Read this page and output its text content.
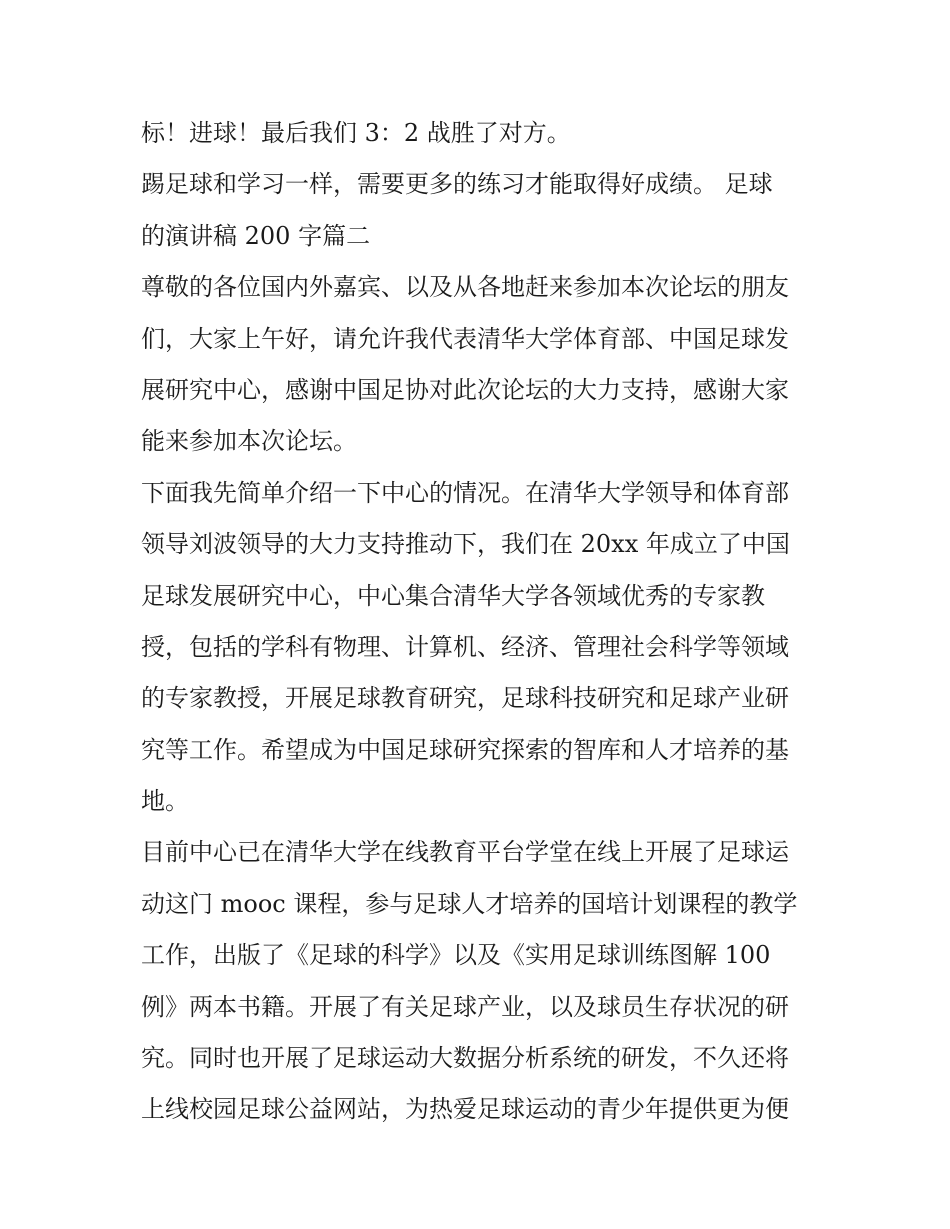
标！进球！最后我们 3：2 战胜了对方。
踢足球和学习一样，需要更多的练习才能取得好成绩。 足球
的演讲稿 200 字篇二
尊敬的各位国内外嘉宾、以及从各地赶来参加本次论坛的朋友
们，大家上午好，请允许我代表清华大学体育部、中国足球发
展研究中心，感谢中国足协对此次论坛的大力支持，感谢大家
能来参加本次论坛。
下面我先简单介绍一下中心的情况。在清华大学领导和体育部
领导刘波领导的大力支持推动下，我们在 20xx 年成立了中国
足球发展研究中心，中心集合清华大学各领域优秀的专家教
授，包括的学科有物理、计算机、经济、管理社会科学等领域
的专家教授，开展足球教育研究，足球科技研究和足球产业研
究等工作。希望成为中国足球研究探索的智库和人才培养的基
地。
目前中心已在清华大学在线教育平台学堂在线上开展了足球运
动这门 mooc 课程，参与足球人才培养的国培计划课程的教学
工作，出版了《足球的科学》以及《实用足球训练图解 100
例》两本书籍。开展了有关足球产业，以及球员生存状况的研
究。同时也开展了足球运动大数据分析系统的研发，不久还将
上线校园足球公益网站，为热爱足球运动的青少年提供更为便
